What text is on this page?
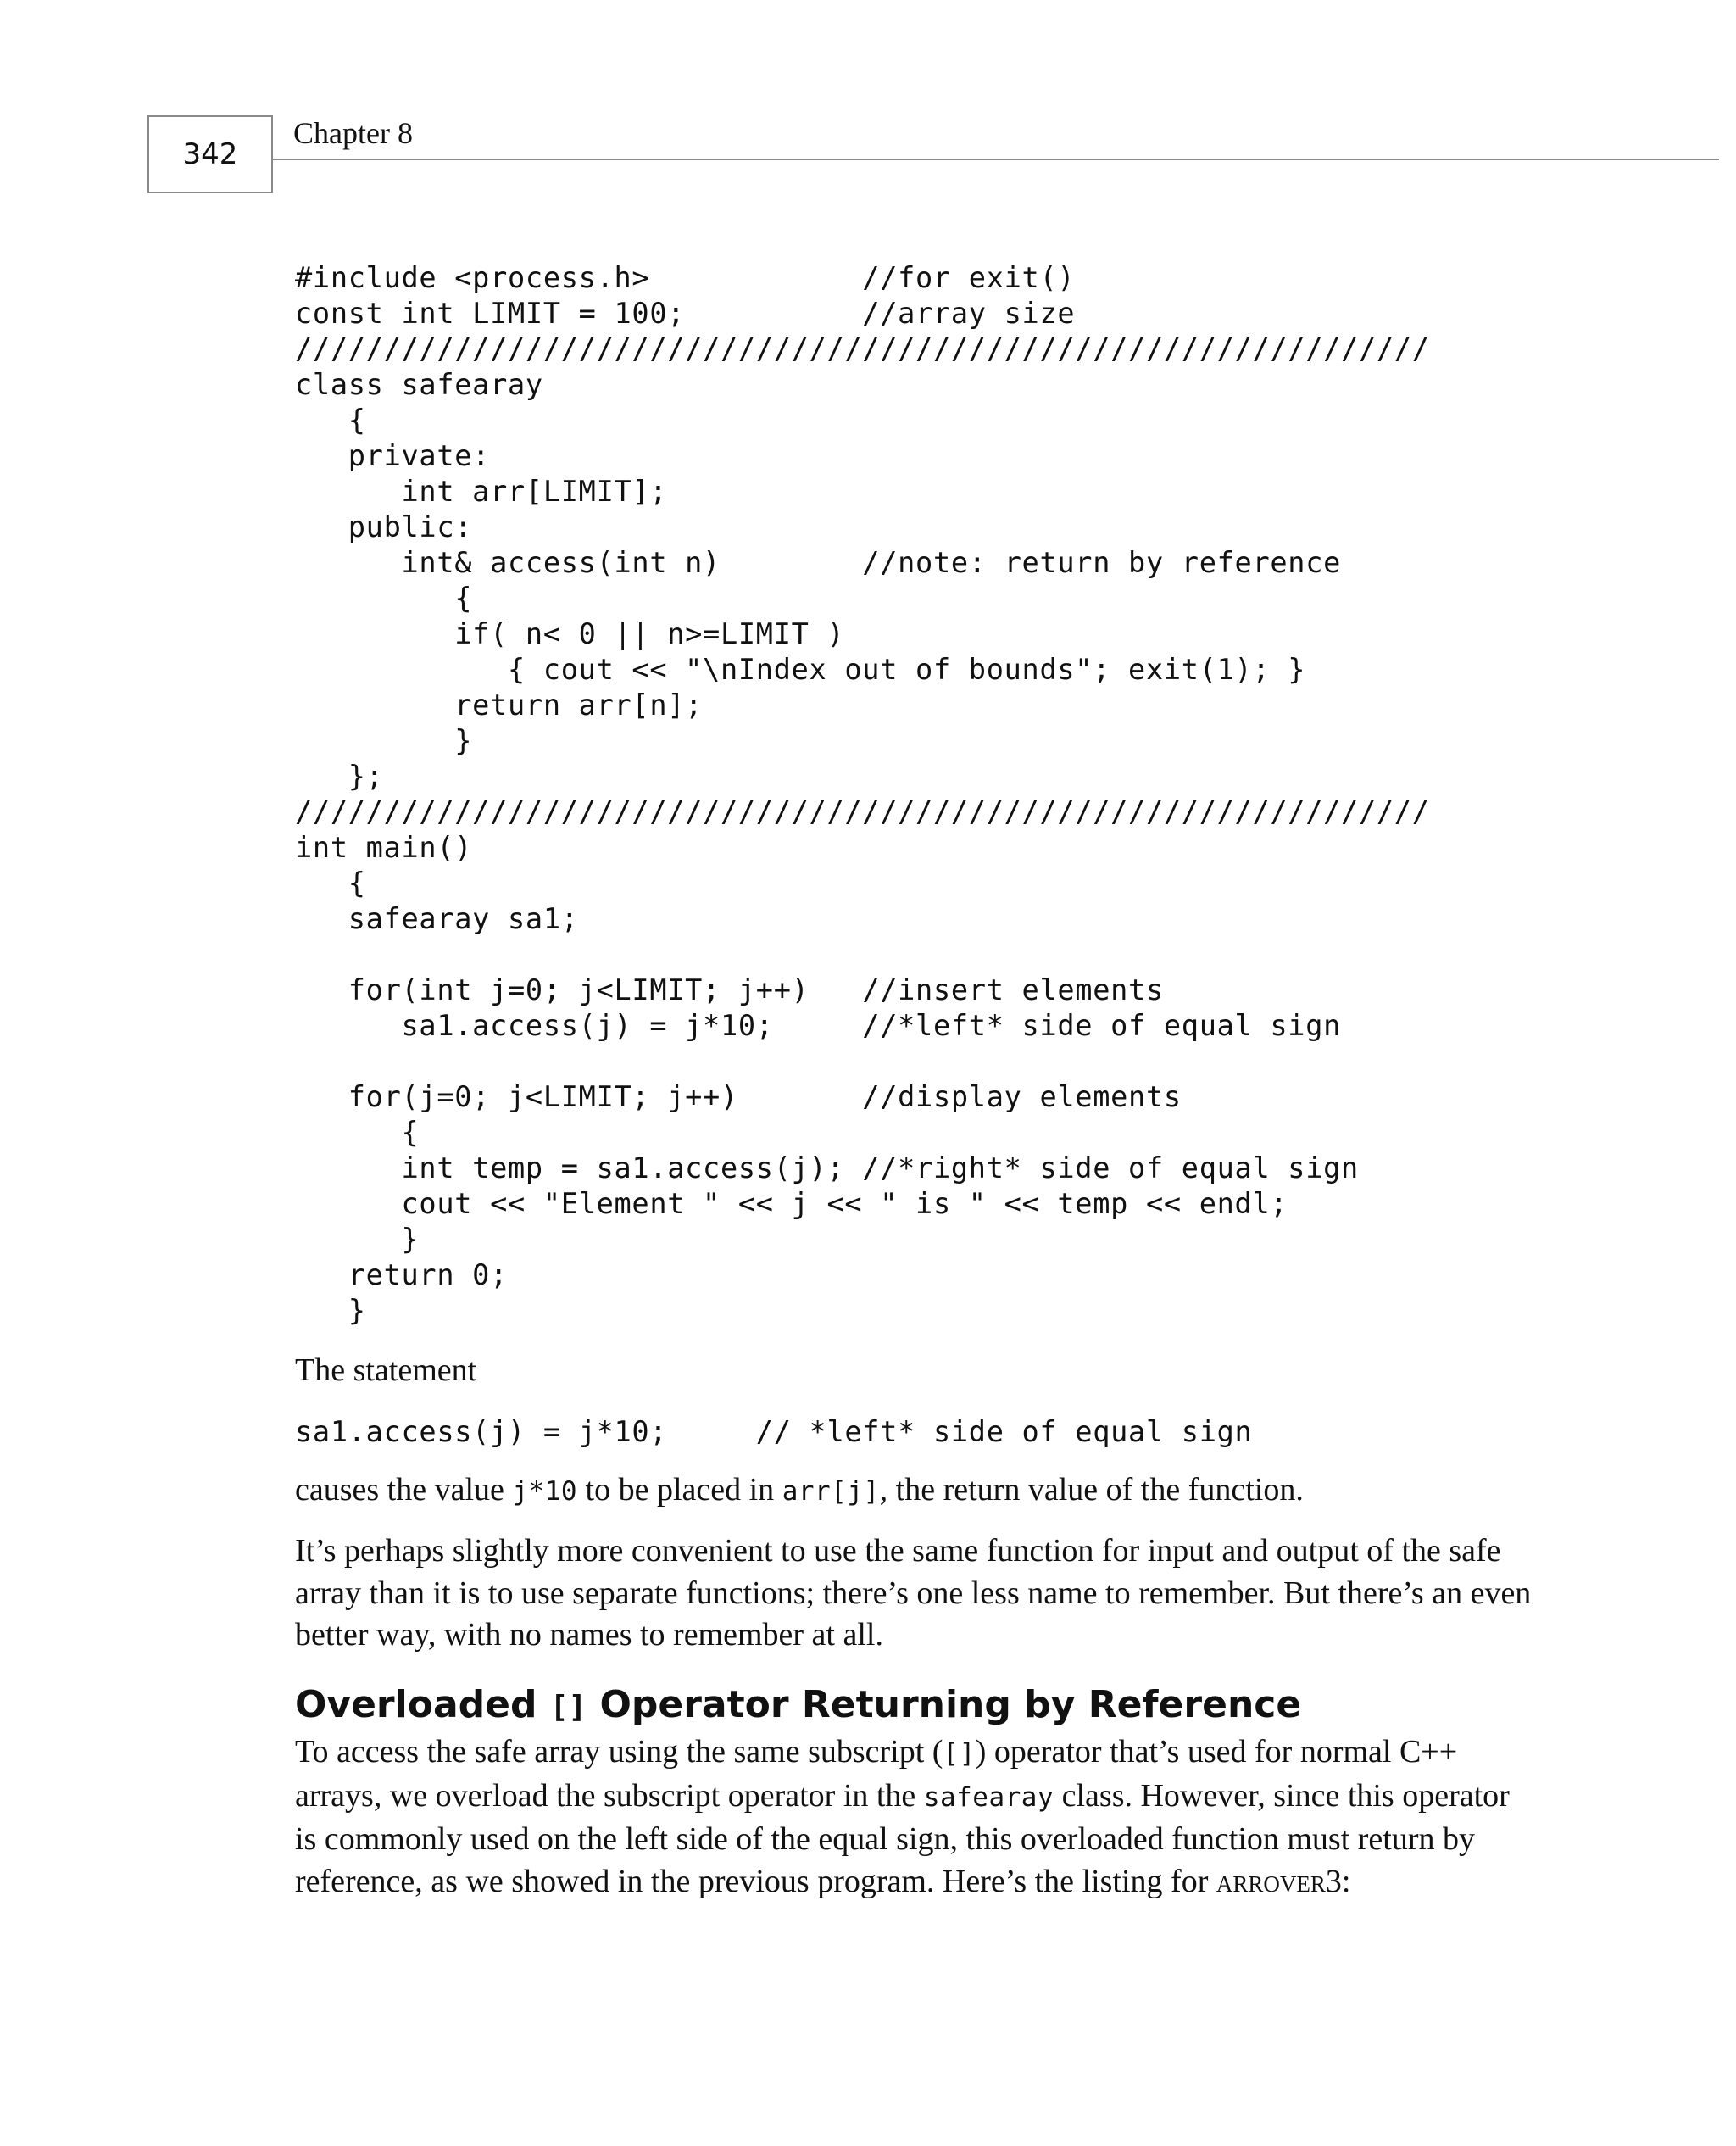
342
Chapter 8
#include <process.h>            //for exit()
const int LIMIT = 100;          //array size
////////////////////////////////////////////////////////////////
class safearay
{
private:
int arr[LIMIT];
public:
int& access(int n)        //note: return by reference
{
if( n< 0 || n>=LIMIT )
{ cout << "\nIndex out of bounds"; exit(1); }
return arr[n];
}
};
////////////////////////////////////////////////////////////////
int main()
{
safearay sa1;

for(int j=0; j<LIMIT; j++)   //insert elements
sa1.access(j) = j*10;     //*left* side of equal sign

for(j=0; j<LIMIT; j++)       //display elements
{
int temp = sa1.access(j); //*right* side of equal sign
cout << "Element " << j << " is " << temp << endl;
}
return 0;
}

The statement

sa1.access(j) = j*10;     // *left* side of equal sign

causes the value j*10 to be placed in arr[j], the return value of the function.

It’s perhaps slightly more convenient to use the same function for input and output of the safe array than it is to use separate functions; there’s one less name to remember. But there’s an even better way, with no names to remember at all.

Overloaded [] Operator Returning by Reference

To access the safe array using the same subscript ([]) operator that’s used for normal C++ arrays, we overload the subscript operator in the safearay class. However, since this operator is commonly used on the left side of the equal sign, this overloaded function must return by reference, as we showed in the previous program. Here’s the listing for arrover3:
